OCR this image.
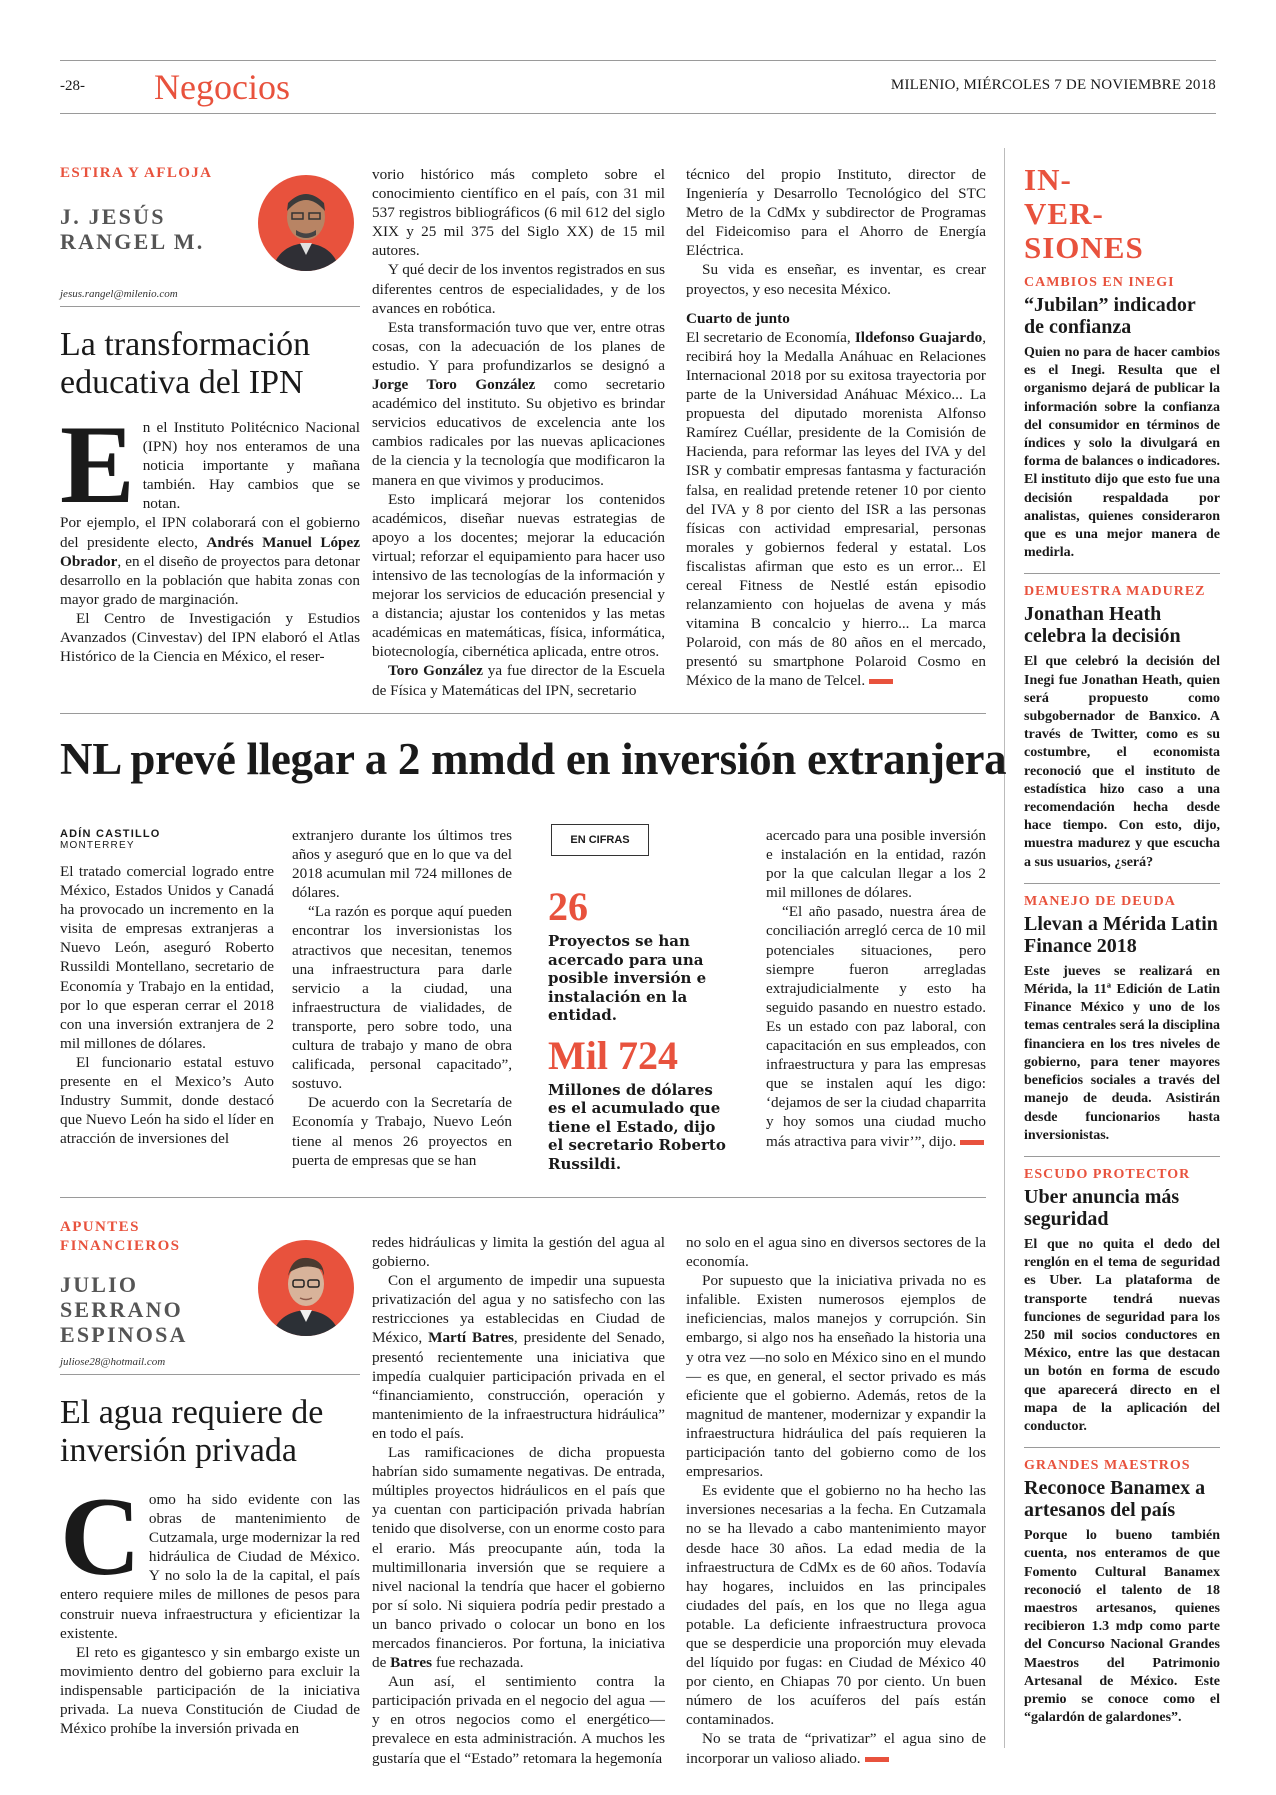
-28- Negocios	MILENIO, MIÉRCOLES 7 DE NOVIEMBRE 2018
ESTIRA Y AFLOJA
J. JESÚS
RANGEL M.
jesus.rangel@milenio.com
La transformación educativa del IPN

En el Instituto Politécnico Nacional (IPN) hoy nos enteramos de una noticia importante y mañana también. Hay cambios que se notan.

Por ejemplo, el IPN colaborará con el gobierno del presidente electo, Andrés Manuel López Obrador, en el diseño de proyectos para detonar desarrollo en la población que habita zonas con mayor grado de marginación.

El Centro de Investigación y Estudios Avanzados (Cinvestav) del IPN elaboró el Atlas Histórico de la Ciencia en México, el reser-

vorio histórico más completo sobre el conocimiento científico en el país, con 31 mil 537 registros bibliográficos (6 mil 612 del siglo XIX y 25 mil 375 del Siglo XX) de 15 mil autores.

Y qué decir de los inventos registrados en sus diferentes centros de especialidades, y de los avances en robótica.

Esta transformación tuvo que ver, entre otras cosas, con la adecuación de los planes de estudio. Y para profundizarlos se designó a Jorge Toro González como secretario académico del instituto. Su objetivo es brindar servicios educativos de excelencia ante los cambios radicales por las nuevas aplicaciones de la ciencia y la tecnología que modificaron la manera en que vivimos y producimos.

Esto implicará mejorar los contenidos académicos, diseñar nuevas estrategias de apoyo a los docentes; mejorar la educación virtual; reforzar el equipamiento para hacer uso intensivo de las tecnologías de la información y mejorar los servicios de educación presencial y a distancia; ajustar los contenidos y las metas académicas en matemáticas, física, informática, biotecnología, cibernética aplicada, entre otros.

Toro González ya fue director de la Escuela de Física y Matemáticas del IPN, secretario

técnico del propio Instituto, director de Ingeniería y Desarrollo Tecnológico del STC Metro de la CdMx y subdirector de Programas del Fideicomiso para el Ahorro de Energía Eléctrica.

Su vida es enseñar, es inventar, es crear proyectos, y eso necesita México.

Cuarto de junto

El secretario de Economía, Ildefonso Guajardo, recibirá hoy la Medalla Anáhuac en Relaciones Internacional 2018 por su exitosa trayectoria por parte de la Universidad Anáhuac México... La propuesta del diputado morenista Alfonso Ramírez Cuéllar, presidente de la Comisión de Hacienda, para reformar las leyes del IVA y del ISR y combatir empresas fantasma y facturación falsa, en realidad pretende retener 10 por ciento del IVA y 8 por ciento del ISR a las personas físicas con actividad empresarial, personas morales y gobiernos federal y estatal. Los fiscalistas afirman que esto es un error... El cereal Fitness de Nestlé están episodio relanzamiento con hojuelas de avena y más vitamina B concalcio y hierro... La marca Polaroid, con más de 80 años en el mercado, presentó su smartphone Polaroid Cosmo en México de la mano de Telcel.

IN-
VER-
SIONES
CAMBIOS EN INEGI
“Jubilan” indicador de confianza
Quien no para de hacer cambios es el Inegi. Resulta que el organismo dejará de publicar la información sobre la confianza del consumidor en términos de índices y solo la divulgará en forma de balances o indicadores. El instituto dijo que esto fue una decisión respaldada por analistas, quienes consideraron que es una mejor manera de medirla.
DEMUESTRA MADUREZ
Jonathan Heath celebra la decisión
El que celebró la decisión del Inegi fue Jonathan Heath, quien será propuesto como subgobernador de Banxico. A través de Twitter, como es su costumbre, el economista reconoció que el instituto de estadística hizo caso a una recomendación hecha desde hace tiempo. Con esto, dijo, muestra madurez y que escucha a sus usuarios, ¿será?
MANEJO DE DEUDA
Llevan a Mérida Latin Finance 2018
Este jueves se realizará en Mérida, la 11ª Edición de Latin Finance México y uno de los temas centrales será la disciplina financiera en los tres niveles de gobierno, para tener mayores beneficios sociales a través del manejo de deuda. Asistirán desde funcionarios hasta inversionistas.
ESCUDO PROTECTOR
Uber anuncia más seguridad
El que no quita el dedo del renglón en el tema de seguridad es Uber. La plataforma de transporte tendrá nuevas funciones de seguridad para los 250 mil socios conductores en México, entre las que destacan un botón en forma de escudo que aparecerá directo en el mapa de la aplicación del conductor.
GRANDES MAESTROS
Reconoce Banamex a artesanos del país
Porque lo bueno también cuenta, nos enteramos de que Fomento Cultural Banamex reconoció el talento de 18 maestros artesanos, quienes recibieron 1.3 mdp como parte del Concurso Nacional Grandes Maestros del Patrimonio Artesanal de México. Este premio se conoce como el “galardón de galardones”.
NL prevé llegar a 2 mmdd en inversión extranjera
ADÍN CASTILLO
MONTERREY

El tratado comercial logrado entre México, Estados Unidos y Canadá ha provocado un incremento en la visita de empresas extranjeras a Nuevo León, aseguró Roberto Russildi Montellano, secretario de Economía y Trabajo en la entidad, por lo que esperan cerrar el 2018 con una inversión extranjera de 2 mil millones de dólares.

El funcionario estatal estuvo presente en el Mexico’s Auto Industry Summit, donde destacó que Nuevo León ha sido el líder en atracción de inversiones del

extranjero durante los últimos tres años y aseguró que en lo que va del 2018 acumulan mil 724 millones de dólares.

“La razón es porque aquí pueden encontrar los inversionistas los atractivos que necesitan, tenemos una infraestructura para darle servicio a la ciudad, una infraestructura de vialidades, de transporte, pero sobre todo, una cultura de trabajo y mano de obra calificada, personal capacitado”, sostuvo.

De acuerdo con la Secretaría de Economía y Trabajo, Nuevo León tiene al menos 26 proyectos en puerta de empresas que se han

EN CIFRAS
26
Proyectos se han acercado para una posible inversión e instalación en la entidad.
Mil 724
Millones de dólares es el acumulado que tiene el Estado, dijo el secretario Roberto Russildi.

acercado para una posible inversión e instalación en la entidad, razón por la que calculan llegar a los 2 mil millones de dólares.

“El año pasado, nuestra área de conciliación arregló cerca de 10 mil potenciales situaciones, pero siempre fueron arregladas extrajudicialmente y esto ha seguido pasando en nuestro estado. Es un estado con paz laboral, con capacitación en sus empleados, con infraestructura y para las empresas que se instalen aquí les digo: ‘dejamos de ser la ciudad chaparrita y hoy somos una ciudad mucho más atractiva para vivir’”, dijo.

APUNTES
FINANCIEROS
JULIO
SERRANO
ESPINOSA
juliose28@hotmail.com
El agua requiere de inversión privada

Como ha sido evidente con las obras de mantenimiento de Cutzamala, urge modernizar la red hidráulica de Ciudad de México. Y no solo la de la capital, el país entero requiere miles de millones de pesos para construir nueva infraestructura y eficientizar la existente.

El reto es gigantesco y sin embargo existe un movimiento dentro del gobierno para excluir la indispensable participación de la iniciativa privada. La nueva Constitución de Ciudad de México prohíbe la inversión privada en

redes hidráulicas y limita la gestión del agua al gobierno.

Con el argumento de impedir una supuesta privatización del agua y no satisfecho con las restricciones ya establecidas en Ciudad de México, Martí Batres, presidente del Senado, presentó recientemente una iniciativa que impedía cualquier participación privada en el “financiamiento, construcción, operación y mantenimiento de la infraestructura hidráulica” en todo el país.

Las ramificaciones de dicha propuesta habrían sido sumamente negativas. De entrada, múltiples proyectos hidráulicos en el país que ya cuentan con participación privada habrían tenido que disolverse, con un enorme costo para el erario. Más preocupante aún, toda la multimillonaria inversión que se requiere a nivel nacional la tendría que hacer el gobierno por sí solo. Ni siquiera podría pedir prestado a un banco privado o colocar un bono en los mercados financieros. Por fortuna, la iniciativa de Batres fue rechazada.

Aun así, el sentimiento contra la participación privada en el negocio del agua —y en otros negocios como el energético— prevalece en esta administración. A muchos les gustaría que el “Estado” retomara la hegemonía

no solo en el agua sino en diversos sectores de la economía.

Por supuesto que la iniciativa privada no es infalible. Existen numerosos ejemplos de ineficiencias, malos manejos y corrupción. Sin embargo, si algo nos ha enseñado la historia una y otra vez —no solo en México sino en el mundo— es que, en general, el sector privado es más eficiente que el gobierno. Además, retos de la magnitud de mantener, modernizar y expandir la infraestructura hidráulica del país requieren la participación tanto del gobierno como de los empresarios.

Es evidente que el gobierno no ha hecho las inversiones necesarias a la fecha. En Cutzamala no se ha llevado a cabo mantenimiento mayor desde hace 30 años. La edad media de la infraestructura de CdMx es de 60 años. Todavía hay hogares, incluidos en las principales ciudades del país, en los que no llega agua potable. La deficiente infraestructura provoca que se desperdicie una proporción muy elevada del líquido por fugas: en Ciudad de México 40 por ciento, en Chiapas 70 por ciento. Un buen número de los acuíferos del país están contaminados.

No se trata de “privatizar” el agua sino de incorporar un valioso aliado.
